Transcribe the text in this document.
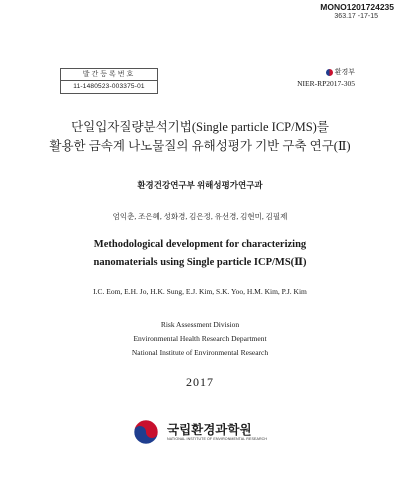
MONO1201724235
363.17 -17-15
발간등록번호
11-1480523-003375-01
환경부
NIER-RP2017-305
단일입자질량분석기법(Single particle ICP/MS)를
활용한 금속계 나노물질의 유해성평가 기반 구축 연구(Ⅱ)
환경건강연구부 위해성평가연구과
엄익춘, 조은혜, 성화경, 김은정, 유선경, 김현미, 김필제
Methodological development for characterizing
nanomaterials using Single particle ICP/MS(Ⅱ)
I.C. Eom, E.H. Jo, H.K. Sung, E.J. Kim, S.K. Yoo, H.M. Kim, P.J. Kim
Risk Assessment Division
Environmental Health Research Department
National Institute of Environmental Research
2017
국립환경과학원
NATIONAL INSTITUTE OF ENVIRONMENTAL RESEARCH
